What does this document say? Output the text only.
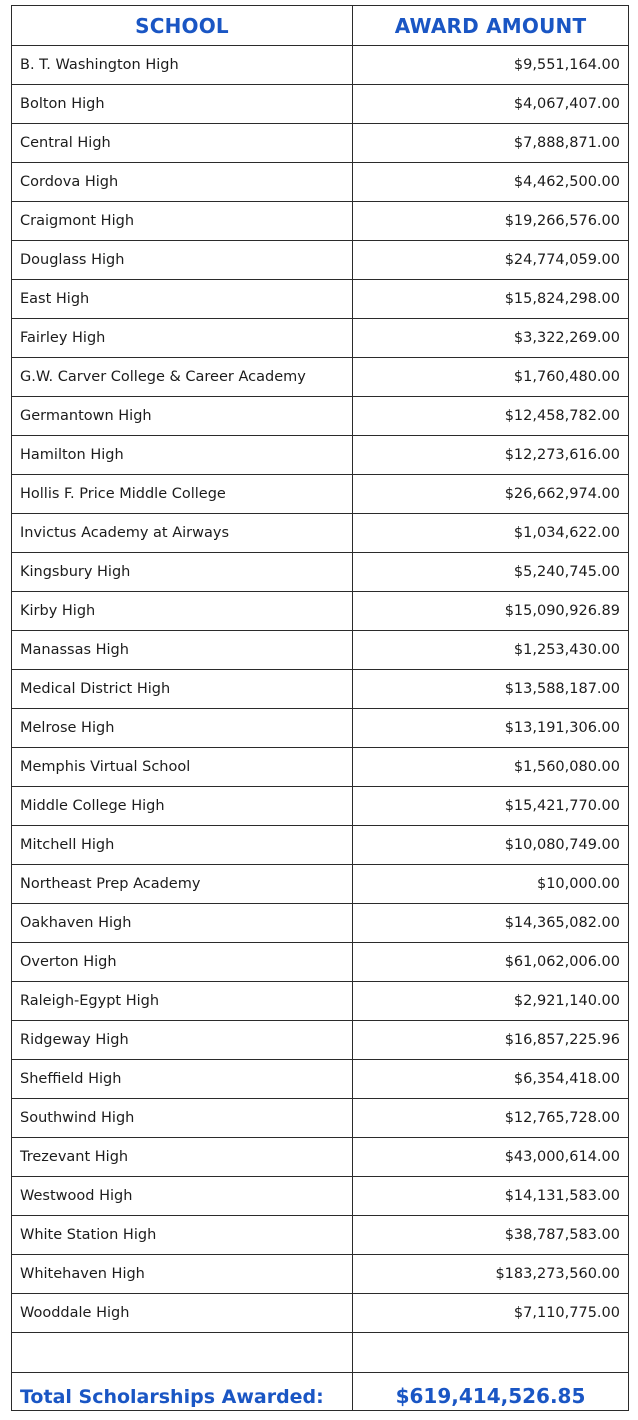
SCHOOL	AWARD AMOUNT
B. T. Washington High	$9,551,164.00
Bolton High	$4,067,407.00
Central High	$7,888,871.00
Cordova High	$4,462,500.00
Craigmont High	$19,266,576.00
Douglass High	$24,774,059.00
East High	$15,824,298.00
Fairley High	$3,322,269.00
G.W. Carver College & Career Academy	$1,760,480.00
Germantown High	$12,458,782.00
Hamilton High	$12,273,616.00
Hollis F. Price Middle College	$26,662,974.00
Invictus Academy at Airways	$1,034,622.00
Kingsbury High	$5,240,745.00
Kirby High	$15,090,926.89
Manassas High	$1,253,430.00
Medical District High	$13,588,187.00
Melrose High	$13,191,306.00
Memphis Virtual School	$1,560,080.00
Middle College High	$15,421,770.00
Mitchell High	$10,080,749.00
Northeast Prep Academy	$10,000.00
Oakhaven High	$14,365,082.00
Overton High	$61,062,006.00
Raleigh-Egypt High	$2,921,140.00
Ridgeway High	$16,857,225.96
Sheffield High	$6,354,418.00
Southwind High	$12,765,728.00
Trezevant High	$43,000,614.00
Westwood High	$14,131,583.00
White Station High	$38,787,583.00
Whitehaven High	$183,273,560.00
Wooddale High	$7,110,775.00

Total Scholarships Awarded:	$619,414,526.85
